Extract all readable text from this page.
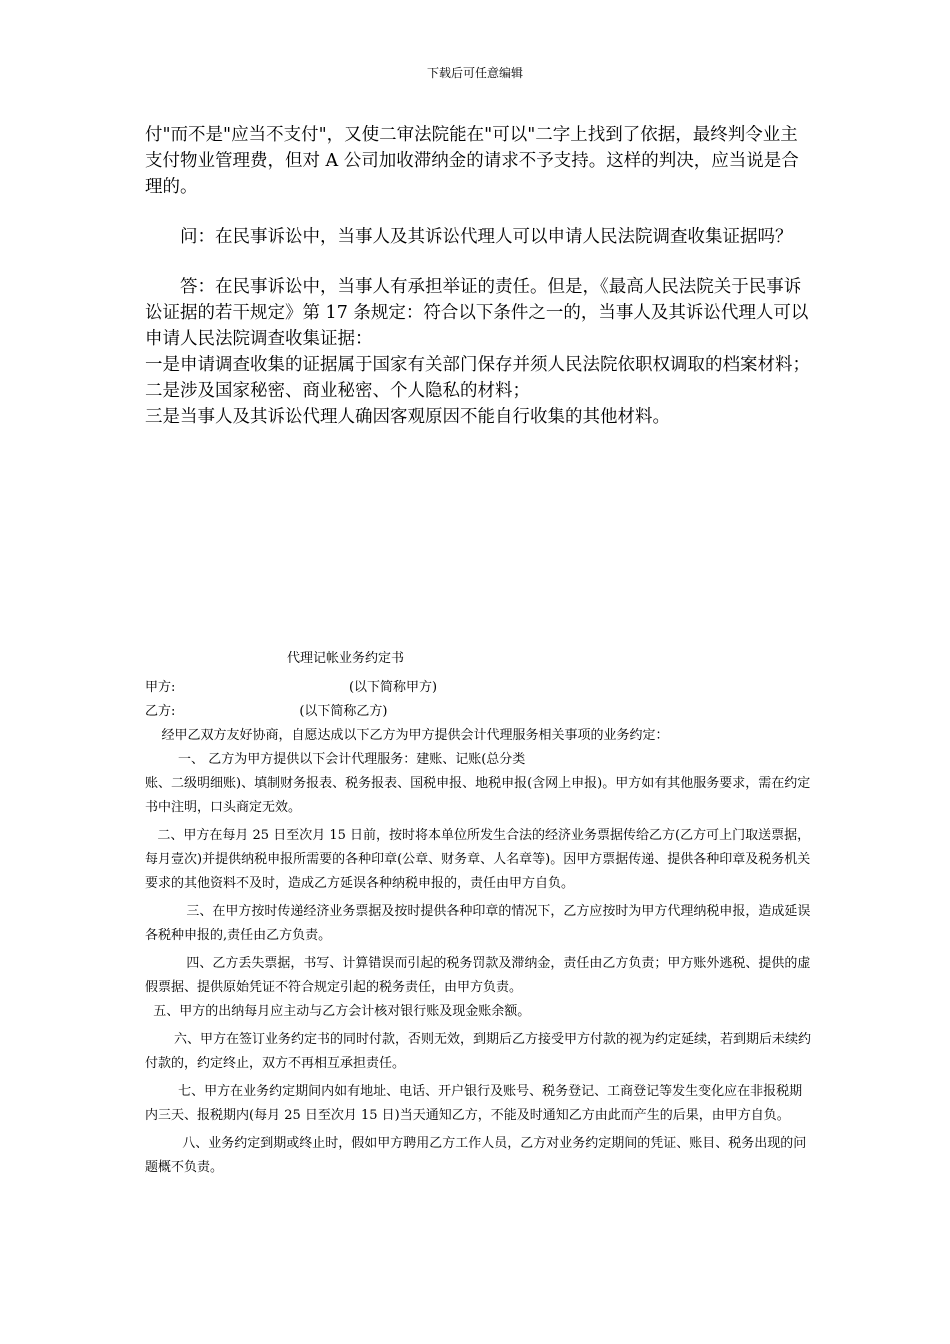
下载后可任意编辑

付"而不是"应当不支付"，又使二审法院能在"可以"二字上找到了依据，最终判令业主支付物业管理费，但对 A 公司加收滞纳金的请求不予支持。这样的判决，应当说是合理的。

问：在民事诉讼中，当事人及其诉讼代理人可以申请人民法院调查收集证据吗？

答：在民事诉讼中，当事人有承担举证的责任。但是，《最高人民法院关于民事诉讼证据的若干规定》第 17 条规定：符合以下条件之一的，当事人及其诉讼代理人可以申请人民法院调查收集证据：

一是申请调查收集的证据属于国家有关部门保存并须人民法院依职权调取的档案材料；

二是涉及国家秘密、商业秘密、个人隐私的材料；

三是当事人及其诉讼代理人确因客观原因不能自行收集的其他材料。

代理记帐业务约定书

甲方:                                          (以下简称甲方)

乙方:                              (以下简称乙方)

经甲乙双方友好协商，自愿达成以下乙方为甲方提供会计代理服务相关事项的业务约定：

一、 乙方为甲方提供以下会计代理服务：建账、记账(总分类

账、二级明细账)、填制财务报表、税务报表、国税申报、地税申报(含网上申报)。甲方如有其他服务要求，需在约定书中注明，口头商定无效。

二、甲方在每月 25 日至次月 15 日前，按时将本单位所发生合法的经济业务票据传给乙方(乙方可上门取送票据，每月壹次)并提供纳税申报所需要的各种印章(公章、财务章、人名章等)。因甲方票据传递、提供各种印章及税务机关要求的其他资料不及时，造成乙方延误各种纳税申报的，责任由甲方自负。

三、在甲方按时传递经济业务票据及按时提供各种印章的情况下，乙方应按时为甲方代理纳税申报，造成延误各税种申报的,责任由乙方负责。

四、乙方丢失票据，书写、计算错误而引起的税务罚款及滞纳金，责任由乙方负责；甲方账外逃税、提供的虚假票据、提供原始凭证不符合规定引起的税务责任，由甲方负责。

五、甲方的出纳每月应主动与乙方会计核对银行账及现金账余额。

六、甲方在签订业务约定书的同时付款，否则无效，到期后乙方接受甲方付款的视为约定延续，若到期后未续约付款的，约定终止，双方不再相互承担责任。

七、甲方在业务约定期间内如有地址、电话、开户银行及账号、税务登记、工商登记等发生变化应在非报税期内三天、报税期内(每月 25 日至次月 15 日)当天通知乙方，不能及时通知乙方由此而产生的后果，由甲方自负。

八、业务约定到期或终止时，假如甲方聘用乙方工作人员，乙方对业务约定期间的凭证、账目、税务出现的问题概不负责。
